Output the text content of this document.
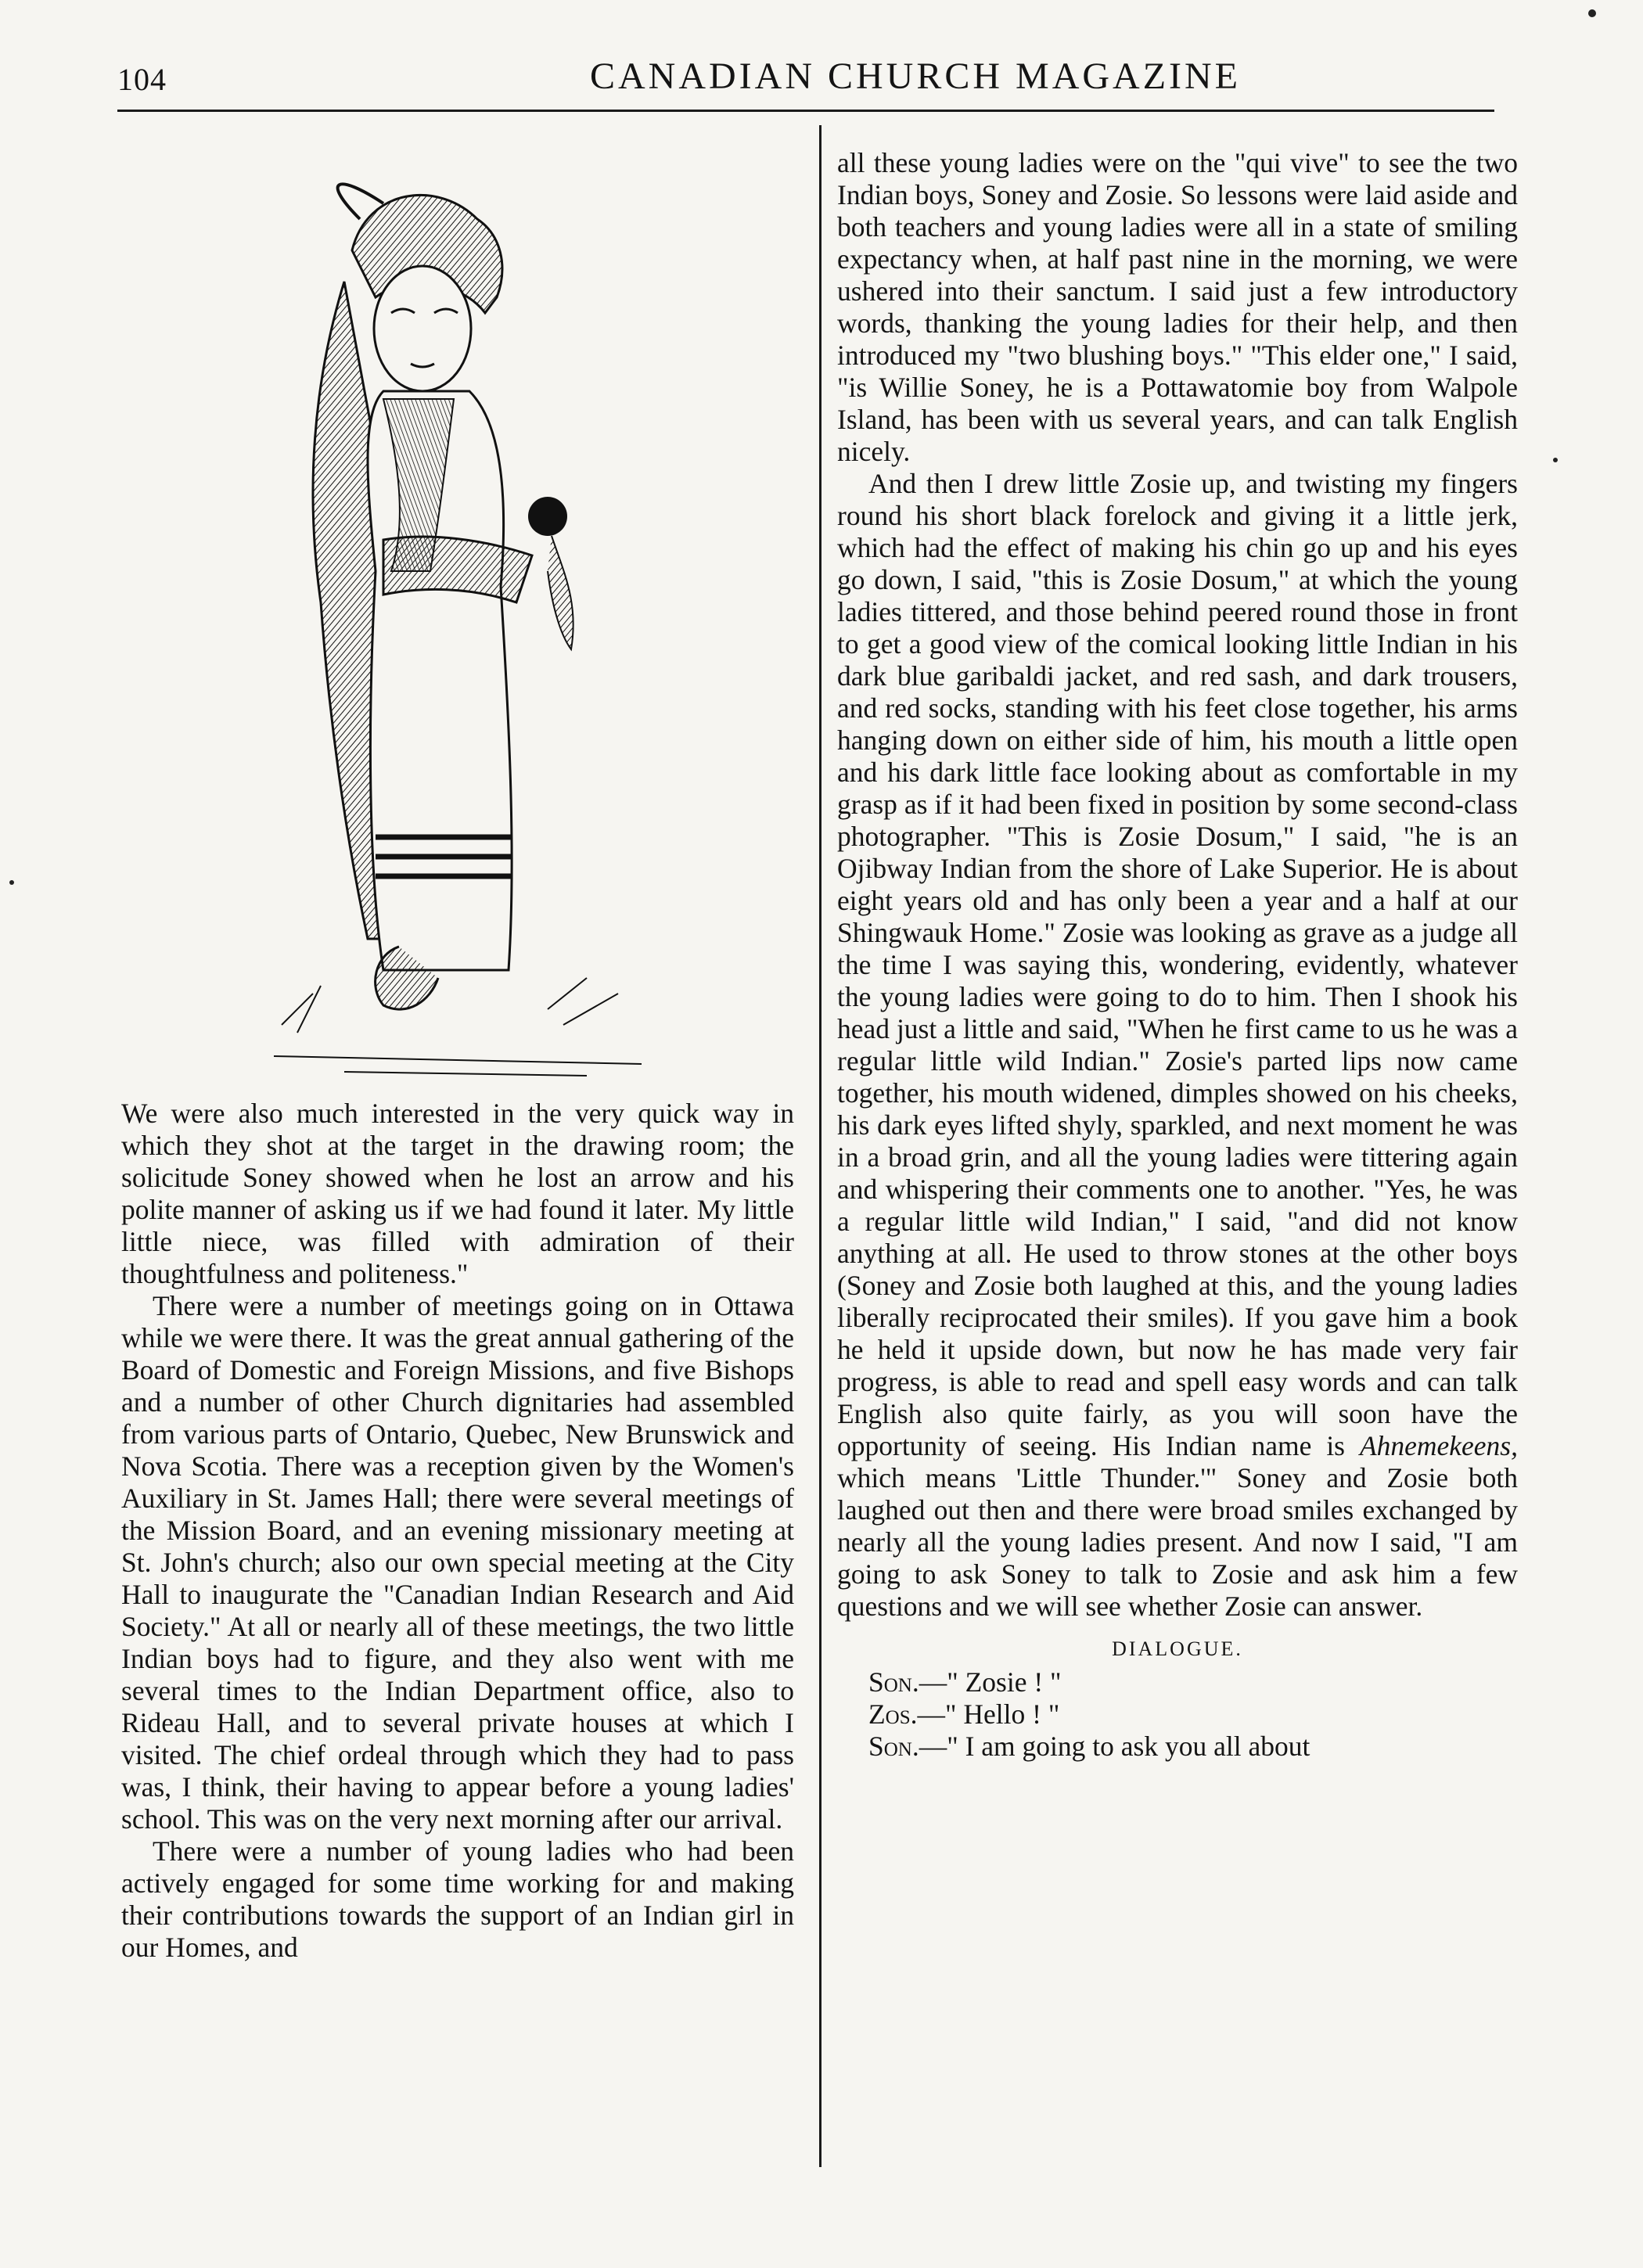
104	CANADIAN CHURCH MAGAZINE

We were also much interested in the very quick way in which they shot at the target in the drawing room; the solicitude Soney showed when he lost an arrow and his polite manner of asking us if we had found it later. My little little niece, was filled with admiration of their thoughtfulness and politeness."

There were a number of meetings going on in Ottawa while we were there. It was the great annual gathering of the Board of Domestic and Foreign Missions, and five Bishops and a number of other Church dignitaries had assembled from various parts of Ontario, Quebec, New Brunswick and Nova Scotia. There was a reception given by the Women's Auxiliary in St. James Hall; there were several meetings of the Mission Board, and an evening missionary meeting at St. John's church; also our own special meeting at the City Hall to inaugurate the "Canadian Indian Research and Aid Society." At all or nearly all of these meetings, the two little Indian boys had to figure, and they also went with me several times to the Indian Department office, also to Rideau Hall, and to several private houses at which I visited. The chief ordeal through which they had to pass was, I think, their having to appear before a young ladies' school. This was on the very next morning after our arrival.

There were a number of young ladies who had been actively engaged for some time working for and making their contributions towards the support of an Indian girl in our Homes, and

all these young ladies were on the "qui vive" to see the two Indian boys, Soney and Zosie. So lessons were laid aside and both teachers and young ladies were all in a state of smiling expectancy when, at half past nine in the morning, we were ushered into their sanctum. I said just a few introductory words, thanking the young ladies for their help, and then introduced my "two blushing boys." "This elder one," I said, "is Willie Soney, he is a Pottawatomie boy from Walpole Island, has been with us several years, and can talk English nicely.

And then I drew little Zosie up, and twisting my fingers round his short black forelock and giving it a little jerk, which had the effect of making his chin go up and his eyes go down, I said, "this is Zosie Dosum," at which the young ladies tittered, and those behind peered round those in front to get a good view of the comical looking little Indian in his dark blue garibaldi jacket, and red sash, and dark trousers, and red socks, standing with his feet close together, his arms hanging down on either side of him, his mouth a little open and his dark little face looking about as comfortable in my grasp as if it had been fixed in position by some second-class photographer. "This is Zosie Dosum," I said, "he is an Ojibway Indian from the shore of Lake Superior. He is about eight years old and has only been a year and a half at our Shingwauk Home." Zosie was looking as grave as a judge all the time I was saying this, wondering, evidently, whatever the young ladies were going to do to him. Then I shook his head just a little and said, "When he first came to us he was a regular little wild Indian." Zosie's parted lips now came together, his mouth widened, dimples showed on his cheeks, his dark eyes lifted shyly, sparkled, and next moment he was in a broad grin, and all the young ladies were tittering again and whispering their comments one to another. "Yes, he was a regular little wild Indian," I said, "and did not know anything at all. He used to throw stones at the other boys (Soney and Zosie both laughed at this, and the young ladies liberally reciprocated their smiles). If you gave him a book he held it upside down, but now he has made very fair progress, is able to read and spell easy words and can talk English also quite fairly, as you will soon have the opportunity of seeing. His Indian name is Ahnemekeens, which means 'Little Thunder.'" Soney and Zosie both laughed out then and there were broad smiles exchanged by nearly all the young ladies present. And now I said, "I am going to ask Soney to talk to Zosie and ask him a few questions and we will see whether Zosie can answer.

DIALOGUE.
Son.—" Zosie ! "
Zos.—" Hello ! "
Son.—" I am going to ask you all about
